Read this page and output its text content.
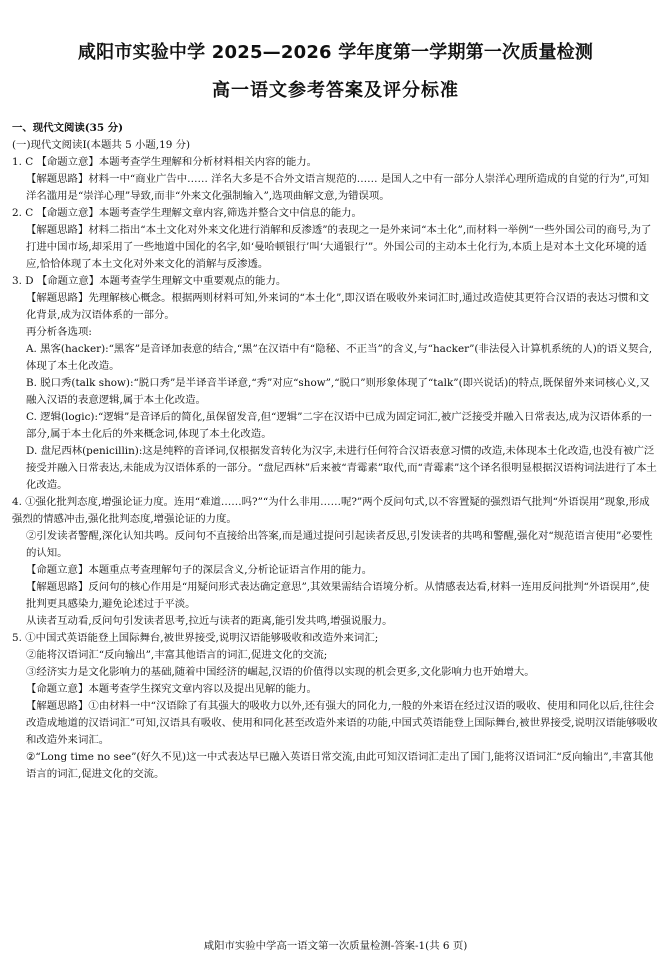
咸阳市实验中学 2025—2026 学年度第一学期第一次质量检测
高一语文参考答案及评分标准

一、现代文阅读(35 分)

(一)现代文阅读Ⅰ(本题共 5 小题,19 分)

1. C 【命题立意】本题考查学生理解和分析材料相关内容的能力。

【解题思路】材料一中“商业广告中…… 洋名大多是不合外文语言规范的…… 是国人之中有一部分人崇洋心理所造成的自觉的行为”,可知洋名滥用是“崇洋心理”导致,而非“外来文化强制输入”,选项曲解文意,为错误项。

2. C 【命题立意】本题考查学生理解文章内容,筛选并整合文中信息的能力。

【解题思路】材料二指出“本土文化对外来文化进行消解和反渗透”的表现之一是外来词“本土化”,而材料一举例“一些外国公司的商号,为了打进中国市场,却采用了一些地道中国化的名字,如‘曼哈顿银行’叫‘大通银行’”。外国公司的主动本土化行为,本质上是对本土文化环境的适应,恰恰体现了本土文化对外来文化的消解与反渗透。

3. D 【命题立意】本题考查学生理解文中重要观点的能力。

【解题思路】先理解核心概念。根据两则材料可知,外来词的“本土化”,即汉语在吸收外来词汇时,通过改造使其更符合汉语的表达习惯和文化背景,成为汉语体系的一部分。

再分析各选项:

A. 黑客(hacker):“黑客”是音译加表意的结合,“黑”在汉语中有“隐秘、不正当”的含义,与“hacker”(非法侵入计算机系统的人)的语义契合,体现了本土化改造。

B. 脱口秀(talk show):“脱口秀”是半译音半译意,“秀”对应“show”,“脱口”则形象体现了“talk”(即兴说话)的特点,既保留外来词核心义,又融入汉语的表意逻辑,属于本土化改造。

C. 逻辑(logic):“逻辑”是音译后的简化,虽保留发音,但“逻辑”二字在汉语中已成为固定词汇,被广泛接受并融入日常表达,成为汉语体系的一部分,属于本土化后的外来概念词,体现了本土化改造。

D. 盘尼西林(penicillin):这是纯粹的音译词,仅根据发音转化为汉字,未进行任何符合汉语表意习惯的改造,未体现本土化改造,也没有被广泛接受并融入日常表达,未能成为汉语体系的一部分。“盘尼西林”后来被“青霉素”取代,而“青霉素”这个译名很明显根据汉语构词法进行了本土化改造。

4. ①强化批判态度,增强论证力度。连用“难道……吗?”“为什么非用……呢?”两个反问句式,以不容置疑的强烈语气批判“外语误用”现象,形成强烈的情感冲击,强化批判态度,增强论证的力度。

②引发读者警醒,深化认知共鸣。反问句不直接给出答案,而是通过提问引起读者反思,引发读者的共鸣和警醒,强化对“规范语言使用”必要性的认知。

【命题立意】本题重点考查理解句子的深层含义,分析论证语言作用的能力。

【解题思路】反问句的核心作用是“用疑问形式表达确定意思”,其效果需结合语境分析。从情感表达看,材料一连用反问批判“外语误用”,使批判更具感染力,避免论述过于平淡。

从读者互动看,反问句引发读者思考,拉近与读者的距离,能引发共鸣,增强说服力。

5. ①中国式英语能登上国际舞台,被世界接受,说明汉语能够吸收和改造外来词汇;

②能将汉语词汇“反向输出”,丰富其他语言的词汇,促进文化的交流;

③经济实力是文化影响力的基础,随着中国经济的崛起,汉语的价值得以实现的机会更多,文化影响力也开始增大。

【命题立意】本题考查学生探究文章内容以及提出见解的能力。

【解题思路】①由材料一中“汉语除了有其强大的吸收力以外,还有强大的同化力,一般的外来语在经过汉语的吸收、使用和同化以后,往往会改造成地道的汉语词汇”可知,汉语具有吸收、使用和同化甚至改造外来语的功能,中国式英语能登上国际舞台,被世界接受,说明汉语能够吸收和改造外来词汇。

②“Long time no see”(好久不见)这一中式表达早已融入英语日常交流,由此可知汉语词汇走出了国门,能将汉语词汇“反向输出”,丰富其他语言的词汇,促进文化的交流。

咸阳市实验中学高一语文第一次质量检测-答案-1(共 6 页)
